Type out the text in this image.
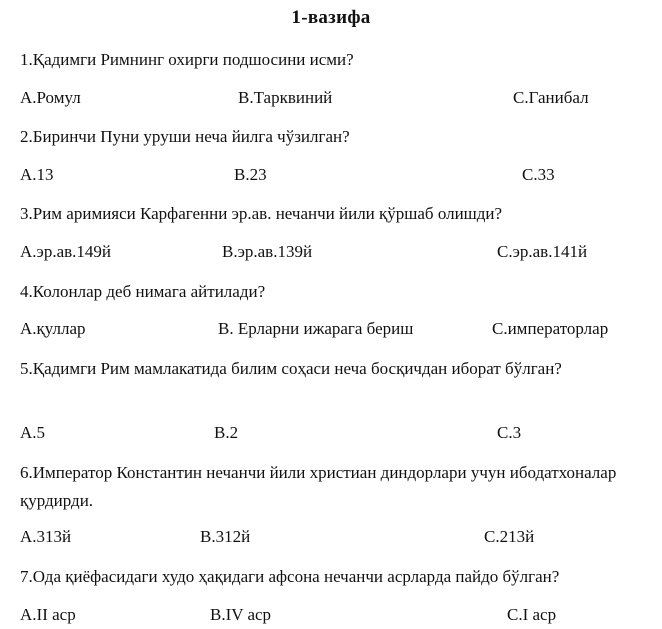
1-вазифа
1.Қадимги Римнинг охирги подшосини исми?
А.Ромул	В.Тарквиний	С.Ганибал
2.Биринчи Пуни уруши неча йилга чўзилган?
А.13	В.23	С.33
3.Рим аримияси Карфагенни эр.ав. нечанчи йили қўршаб олишди?
А.эр.ав.149й	В.эр.ав.139й	С.эр.ав.141й
4.Колонлар деб нимага айтилади?
А.қуллар	В. Ерларни ижарага бериш	С.императорлар
5.Қадимги Рим мамлакатида билим соҳаси неча босқичдан иборат бўлган?
А.5	В.2	С.3
6.Император Константин нечанчи йили христиан диндорлари учун ибодатхоналар қурдирди.
А.313й	В.312й	С.213й
7.Ода қиёфасидаги худо ҳақидаги афсона нечанчи асрларда пайдо бўлган?
А.II аср	В.IV аср	С.I аср
